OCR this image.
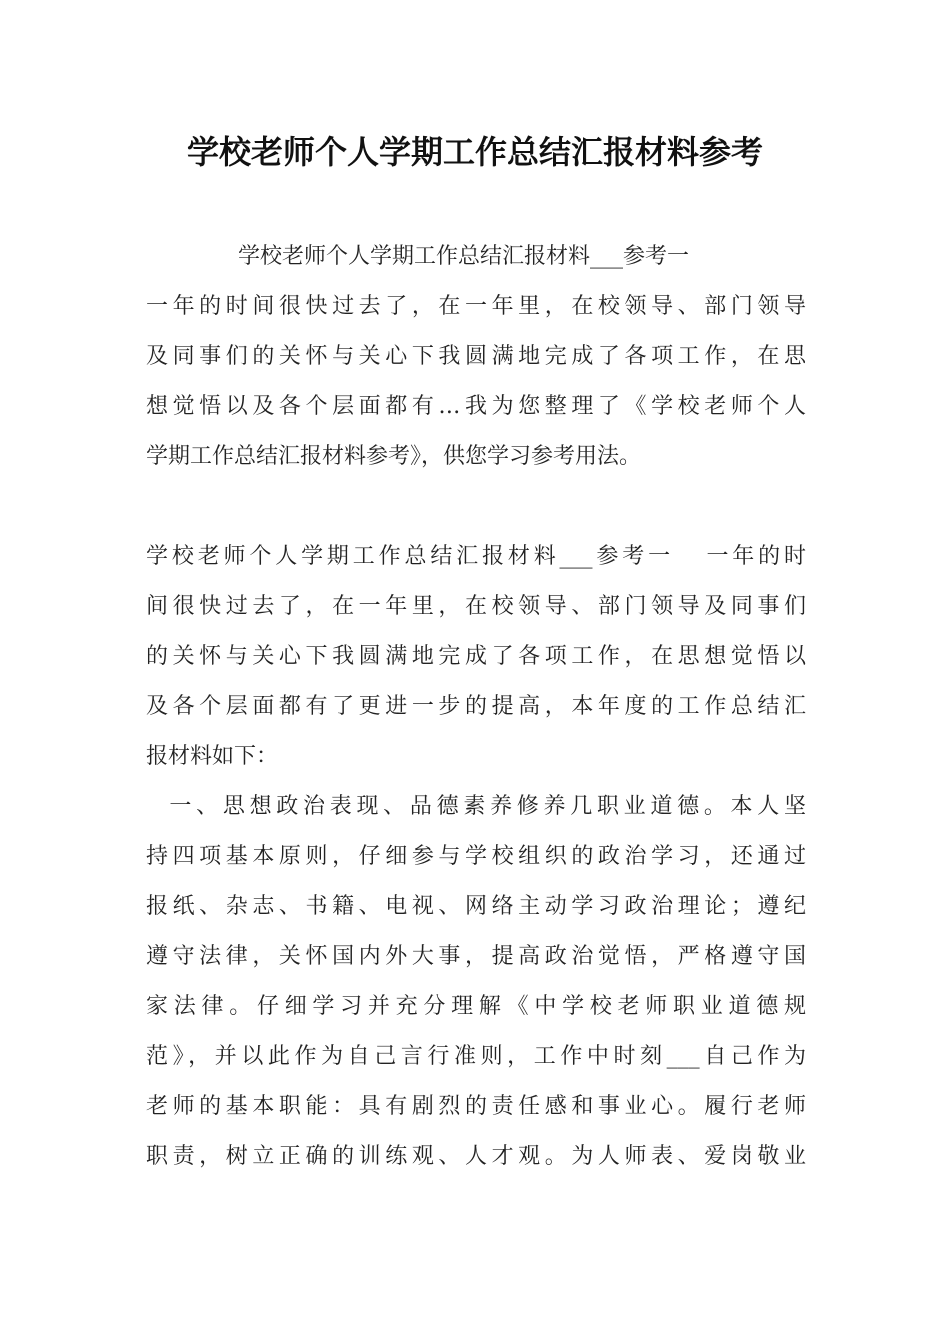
学校老师个人学期工作总结汇报材料参考
学校老师个人学期工作总结汇报材料___参考一
一年的时间很快过去了，在一年里，在校领导、部门领导
及同事们的关怀与关心下我圆满地完成了各项工作，在思
想觉悟以及各个层面都有…我为您整理了《学校老师个人
学期工作总结汇报材料参考》，供您学习参考用法。
学校老师个人学期工作总结汇报材料___参考一   一年的时
间很快过去了，在一年里，在校领导、部门领导及同事们
的关怀与关心下我圆满地完成了各项工作，在思想觉悟以
及各个层面都有了更进一步的提高，本年度的工作总结汇
报材料如下：
一、思想政治表现、品德素养修养几职业道德。本人坚
持四项基本原则，仔细参与学校组织的政治学习，还通过
报纸、杂志、书籍、电视、网络主动学习政治理论；遵纪
遵守法律，关怀国内外大事，提高政治觉悟，严格遵守国
家法律。仔细学习并充分理解《中学校老师职业道德规
范》，并以此作为自己言行准则，工作中时刻___自己作为
老师的基本职能：具有剧烈的责任感和事业心。履行老师
职责，树立正确的训练观、人才观。为人师表、爱岗敬业
